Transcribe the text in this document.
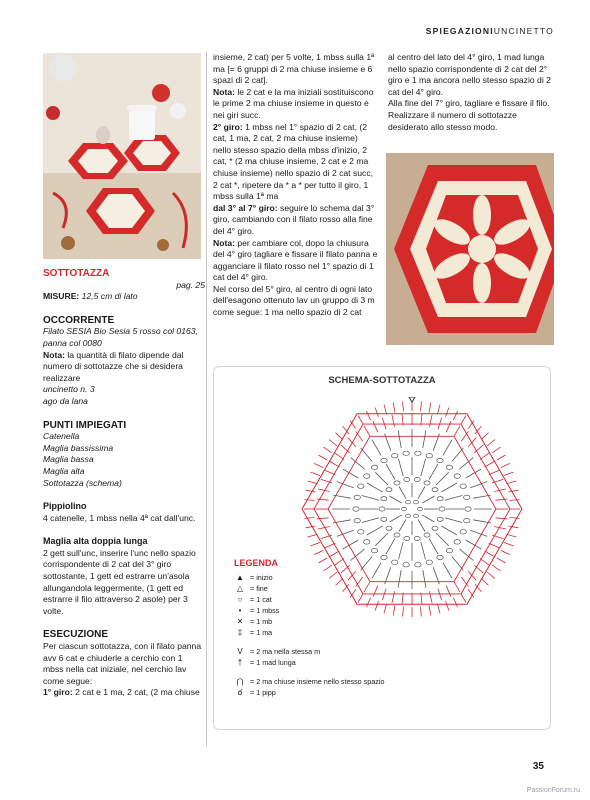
SPIEGAZIONIUNCINETTO

SOTTOTAZZA

pag. 25

MISURE: 12,5 cm di lato

OCCORRENTE

Filato SESIA Bio Sesia 5 rosso col 0163, panna col 0080

Nota: la quantità di filato dipende dal numero di sottotazze che si desidera realizzare

uncinetto n. 3

ago da lana

PUNTI IMPIEGATI

Catenella

Maglia bassissima

Maglia bassa

Maglia alta

Sottotazza (schema)

Pippiolino

4 catenelle, 1 mbss nella 4ª cat dall'unc.

Maglia alta doppia lunga

2 gett sull'unc, inserire l'unc nello spazio corrispondente di 2 cat del 3° giro sottostante, 1 gett ed estrarre un'asola allungandola leggermente, (1 gett ed estrarre il filo attraverso 2 asole) per 3 volte.

ESECUZIONE

Per ciascun sottotazza, con il filato panna avv 6 cat e chiuderle a cerchio con 1 mbss nella cat iniziale, nel cerchio lav come segue:

1° giro: 2 cat e 1 ma, 2 cat, (2 ma chiuse

insieme, 2 cat) per 5 volte, 1 mbss sulla 1ª ma [= 6 gruppi di 2 ma chiuse insieme e 6 spazi di 2 cat].

Nota: le 2 cat e la ma iniziali sostituiscono le prime 2 ma chiuse insieme in questo e nei giri succ.

2° giro: 1 mbss nel 1° spazio di 2 cat, (2 cat, 1 ma, 2 cat, 2 ma chiuse insieme) nello stesso spazio della mbss d'inizio, 2 cat, * (2 ma chiuse insieme, 2 cat e 2 ma chiuse insieme) nello spazio di 2 cat succ, 2 cat *, ripetere da * a * per tutto il giro, 1 mbss sulla 1ª ma

dal 3° al 7° giro: seguire lo schema dal 3° giro, cambiando con il filato rosso alla fine del 4° giro.

Nota: per cambiare col, dopo la chiusura del 4° giro tagliare e fissare il filato panna e agganciare il filato rosso nel 1° spazio di 1 cat del 4° giro.

Nel corso del 5° giro, al centro di ogni lato dell'esagono ottenuto lav un gruppo di 3 m come segue: 1 ma nello spazio di 2 cat

al centro del lato del 4° giro, 1 mad lunga nello spazio corrispondente di 2 cat del 2° giro e 1 ma ancora nello stesso spazio di 2 cat del 4° giro.

Alla fine del 7° giro, tagliare e fissare il filo.

Realizzare il numero di sottotazze desiderato allo stesso modo.

SCHEMA-SOTTOTAZZA
LEGENDA
▲ = inizio
△ = fine
○	= 1 cat
•	= 1 mbss
✕ = 1 mb
‡	= 1 ma
V	= 2 ma nella stessa m
†	= 1 mad lunga
⋂ = 2 ma chiuse insieme nello stesso spazio
ఠ	= 1 pipp
35
PassionForum.ru
